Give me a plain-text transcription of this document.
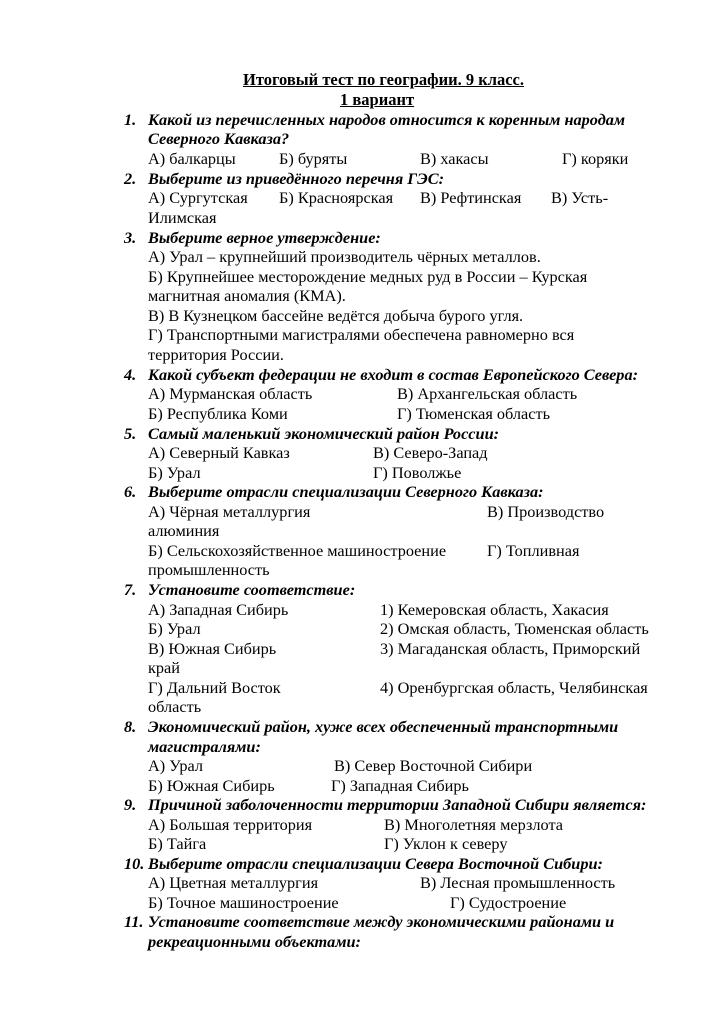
Итоговый тест по географии. 9 класс.
1 вариант
1. Какой из перечисленных народов относится к коренным народам
Северного Кавказа?
А) балкарцы	Б) буряты	В) хакасы	Г) коряки
2. Выберите из приведённого перечня ГЭС:
А) Сургутская Б) Красноярская В) Рефтинская В) Усть-
Илимская
3. Выберите верное утверждение:
А) Урал – крупнейший производитель чёрных металлов.
Б) Крупнейшее месторождение медных руд в России – Курская
магнитная аномалия (КМА).
В) В Кузнецком бассейне ведётся добыча бурого угля.
Г) Транспортными магистралями обеспечена равномерно вся
территория России.
4. Какой субъект федерации не входит в состав Европейского Севера:
А) Мурманская область	В) Архангельская область
Б) Республика Коми	Г) Тюменская область
5. Самый маленький экономический район России:
А) Северный Кавказ	В) Северо-Запад
Б) Урал	Г) Поволжье
6. Выберите отрасли специализации Северного Кавказа:
А) Чёрная металлургия	В) Производство
алюминия
Б) Сельскохозяйственное машиностроение	Г) Топливная
промышленность
7. Установите соответствие:
А) Западная Сибирь	1) Кемеровская область, Хакасия
Б) Урал	2) Омская область, Тюменская область
В) Южная Сибирь	3) Магаданская область, Приморский
край
Г) Дальний Восток	4) Оренбургская область, Челябинская
область
8. Экономический район, хуже всех обеспеченный транспортными
магистралями:
А) Урал	В) Север Восточной Сибири
Б) Южная Сибирь	Г) Западная Сибирь
9. Причиной заболоченности территории Западной Сибири является:
А) Большая территория	В) Многолетняя мерзлота
Б) Тайга	Г) Уклон к северу
10. Выберите отрасли специализации Севера Восточной Сибири:
А) Цветная металлургия	В) Лесная промышленность
Б) Точное машиностроение	Г) Судостроение
11. Установите соответствие между экономическими районами и
рекреационными объектами:
